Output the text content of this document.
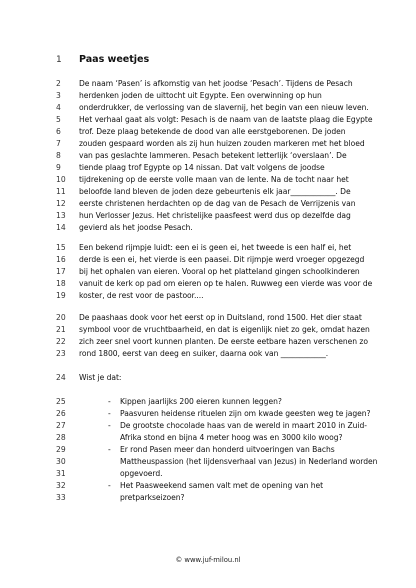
1	Paas weetjes
2	De naam ‘Pasen’ is afkomstig van het joodse ‘Pesach’. Tijdens de Pesach
3	herdenken joden de uittocht uit Egypte. Een overwinning op hun
4	onderdrukker, de verlossing van de slavernij, het begin van een nieuw leven.
5	Het verhaal gaat als volgt: Pesach is de naam van de laatste plaag die Egypte
6	trof. Deze plaag betekende de dood van alle eerstgeborenen. De joden
7	zouden gespaard worden als zij hun huizen zouden markeren met het bloed
8	van pas geslachte lammeren. Pesach betekent letterlijk ‘overslaan’. De
9	tiende plaag trof Egypte op 14 nissan. Dat valt volgens de joodse
10	tijdrekening op de eerste volle maan van de lente. Na de tocht naar het
11	beloofde land bleven de joden deze gebeurtenis elk jaar____________. De
12	eerste christenen herdachten op de dag van de Pesach de Verrijzenis van
13	hun Verlosser Jezus. Het christelijke paasfeest werd dus op dezelfde dag
14	gevierd als het joodse Pesach.
15	Een bekend rijmpje luidt: een ei is geen ei, het tweede is een half ei, het
16	derde is een ei, het vierde is een paasei. Dit rijmpje werd vroeger opgezegd
17	bij het ophalen van eieren. Vooral op het platteland gingen schoolkinderen
18	vanuit de kerk op pad om eieren op te halen. Ruwweg een vierde was voor de
19	koster, de rest voor de pastoor....
20	De paashaas dook voor het eerst op in Duitsland, rond 1500. Het dier staat
21	symbool voor de vruchtbaarheid, en dat is eigenlijk niet zo gek, omdat hazen
22	zich zeer snel voort kunnen planten. De eerste eetbare hazen verschenen zo
23	rond 1800, eerst van deeg en suiker, daarna ook van ____________.
24	Wist je dat:
25	- Kippen jaarlijks 200 eieren kunnen leggen?
26	- Paasvuren heidense rituelen zijn om kwade geesten weg te jagen?
27	- De grootste chocolade haas van de wereld in maart 2010 in Zuid-
28	Afrika stond en bijna 4 meter hoog was en 3000 kilo woog?
29	- Er rond Pasen meer dan honderd uitvoeringen van Bachs
30	Mattheuspassion (het lijdensverhaal van Jezus) in Nederland worden
31	opgevoerd.
32	- Het Paasweekend samen valt met de opening van het
33	pretparkseizoen?
© www.juf-milou.nl
